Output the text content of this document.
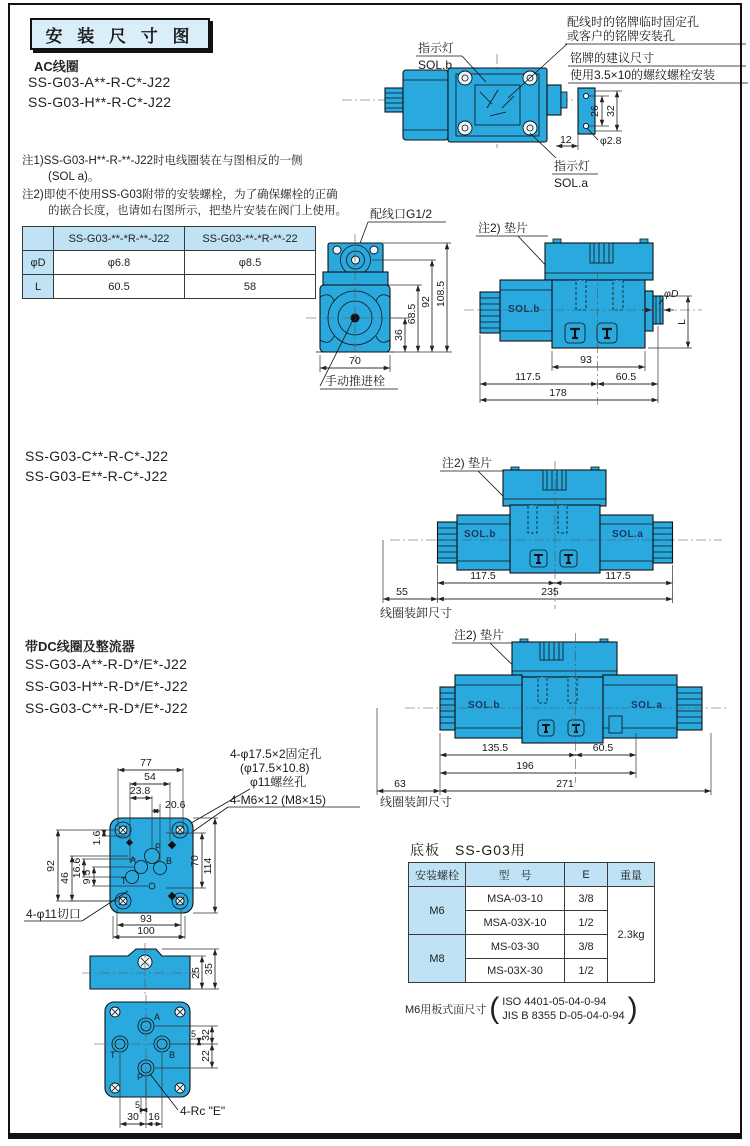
安 装 尺 寸 图
AC线圈
SS-G03-A**-R-C*-J22
SS-G03-H**-R-C*-J22
注1)SS-G03-H**-R-**-J22时电线圈装在与图相反的一侧
(SOL a)。
注2)即使不使用SS-G03附带的安装螺栓，为了确保螺栓的正确
的嵌合长度，也请如右图所示，把垫片安装在阀门上使用。
	SS-G03-**-*R-**-J22	SS-G03-**-*R-**-22
φD	φ6.8	φ8.5
L	60.5	58
指示灯
SOL.b
配线时的铭牌临时固定孔
或客户的铭牌安装孔
铭牌的建议尺寸
使用3.5×10的螺纹螺栓安装
26 32
φ2.8
12
指示灯
SOL.a
配线口G1/2
36
68.5
92 108.5
70
手动推进栓
注2) 垫片
SOL.b
φD
L
93
117.5	60.5
178
SS-G03-C**-R-C*-J22
SS-G03-E**-R-C*-J22
注2) 垫片
SOL.b	SOL.a
117.5	117.5
55	235
线圈装卸尺寸
带DC线圈及整流器
SS-G03-A**-R-D*/E*-J22
SS-G03-H**-R-D*/E*-J22
SS-G03-C**-R-D*/E*-J22
注2) 垫片
SOL.b	SOL.a
135.5	60.5
196
63	271
线圈装卸尺寸
4-φ17.5×2固定孔
(φ17.5×10.8)
φ11螺丝孔
4-M6×12 (M8×15)
P
A	B
T
77
54
23.8
20.6
92
46 16.6
9.5
1.6
70 114
93
100
4-φ11切口
底板　SS-G03用
安装螺栓	型　号	E	重量
M6	MSA-03-10	3/8	2.3kg
	MSA-03X-10	1/2	
M8	MS-03-30	3/8	
	MS-03X-30	1/2	
M6用板式面尺寸 ( ISO 4401-05-04-0-94
JIS B 8355 D-05-04-0-94 )
25 35
A
T	B
P
5 32
22
5
30 16 4-Rc "E"
